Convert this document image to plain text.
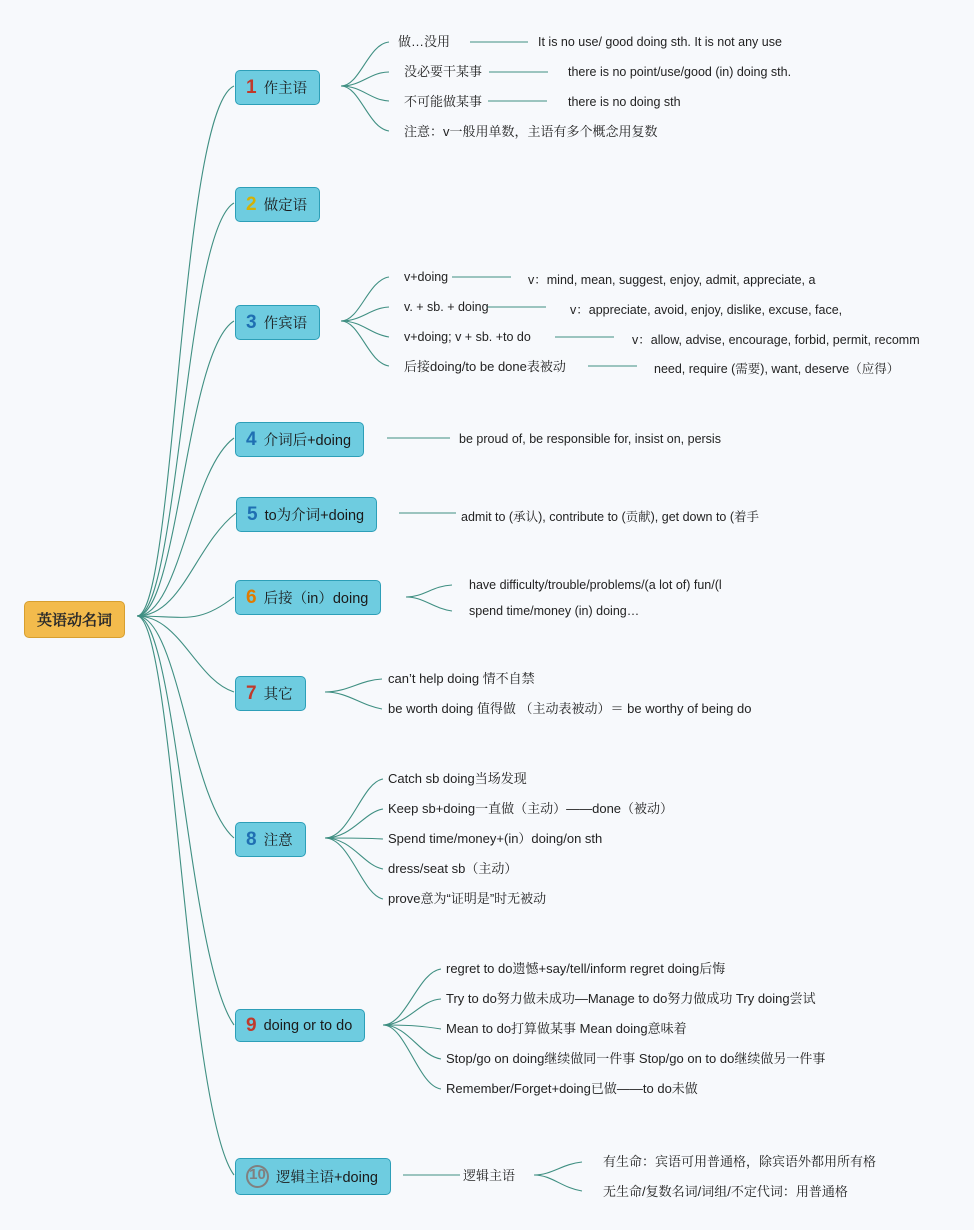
英语动名词
1 作主语
做…没用	It is no use/ good doing sth. It is not any use
没必要干某事	there is no point/use/good (in) doing sth.
不可能做某事	there is no doing sth
注意：v一般用单数，主语有多个概念用复数
2 做定语
3 作宾语
v+doing	v：mind, mean, suggest, enjoy, admit, appreciate, a
v. + sb. + doing	v：appreciate, avoid, enjoy, dislike, excuse, face,
v+doing; v + sb. +to do	v：allow, advise, encourage, forbid, permit, recomm
后接doing/to be done表被动	need, require (需要), want, deserve（应得）
4 介词后+doing	be proud of, be responsible for, insist on, persis
5 to为介词+doing	admit to (承认), contribute to (贡献), get down to (着手
6 后接（in）doing
have difficulty/trouble/problems/(a lot of) fun/(l
spend time/money (in) doing…
7 其它
can’t help doing 情不自禁
be worth doing 值得做 （主动表被动）＝ be worthy of being do
8 注意
Catch sb doing当场发现
Keep sb+doing一直做（主动）——done（被动）
Spend time/money+(in）doing/on sth
dress/seat sb（主动）
prove意为“证明是”时无被动
9 doing or to do
regret to do遗憾+say/tell/inform regret doing后悔
Try to do努力做未成功—Manage to do努力做成功 Try doing尝试
Mean to do打算做某事 Mean doing意味着
Stop/go on doing继续做同一件事 Stop/go on to do继续做另一件事
Remember/Forget+doing已做——to do未做
10 逻辑主语+doing	逻辑主语
有生命：宾语可用普通格，除宾语外都用所有格
无生命/复数名词/词组/不定代词：用普通格
